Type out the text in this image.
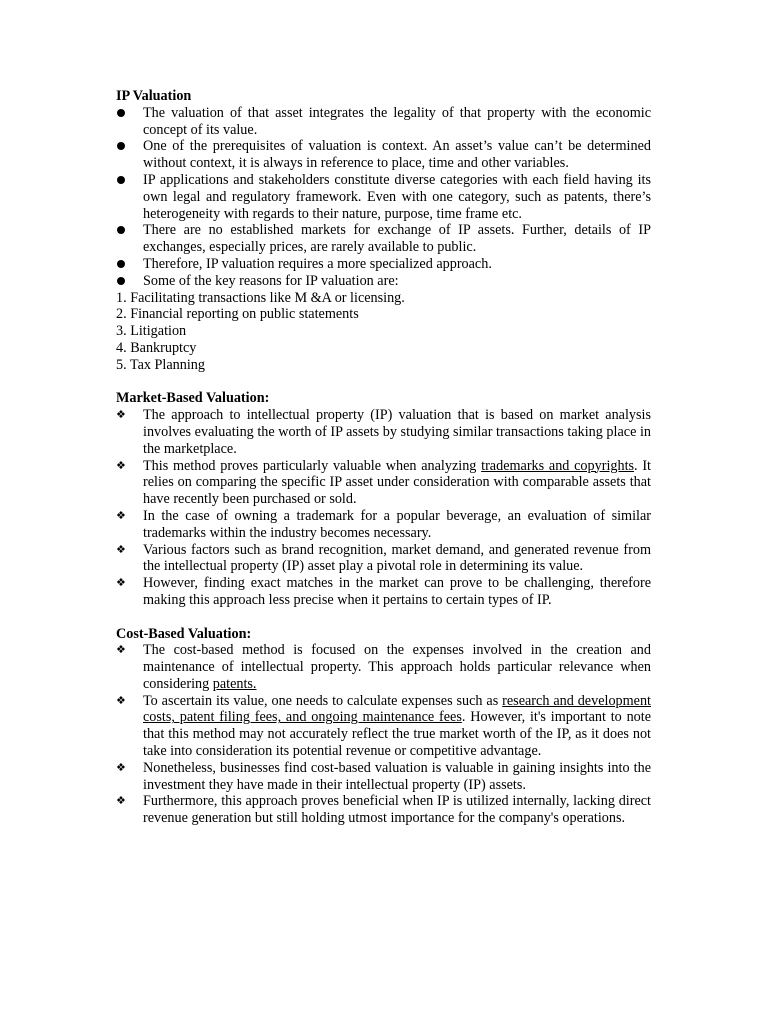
IP Valuation
The valuation of that asset integrates the legality of that property with the economic concept of its value.
One of the prerequisites of valuation is context. An asset’s value can’t be determined without context, it is always in reference to place, time and other variables.
IP applications and stakeholders constitute diverse categories with each field having its own legal and regulatory framework. Even with one category, such as patents, there’s heterogeneity with regards to their nature, purpose, time frame etc.
There are no established markets for exchange of IP assets. Further, details of IP exchanges, especially prices, are rarely available to public.
Therefore, IP valuation requires a more specialized approach.
Some of the key reasons for IP valuation are:
1. Facilitating transactions like M &A or licensing.
2. Financial reporting on public statements
3. Litigation
4. Bankruptcy
5. Tax Planning
Market-Based Valuation:
❖ The approach to intellectual property (IP) valuation that is based on market analysis involves evaluating the worth of IP assets by studying similar transactions taking place in the marketplace.
❖ This method proves particularly valuable when analyzing trademarks and copyrights. It relies on comparing the specific IP asset under consideration with comparable assets that have recently been purchased or sold.
❖ In the case of owning a trademark for a popular beverage, an evaluation of similar trademarks within the industry becomes necessary.
❖ Various factors such as brand recognition, market demand, and generated revenue from the intellectual property (IP) asset play a pivotal role in determining its value.
❖ However, finding exact matches in the market can prove to be challenging, therefore making this approach less precise when it pertains to certain types of IP.
Cost-Based Valuation:
❖ The cost-based method is focused on the expenses involved in the creation and maintenance of intellectual property. This approach holds particular relevance when considering patents.
❖ To ascertain its value, one needs to calculate expenses such as research and development costs, patent filing fees, and ongoing maintenance fees. However, it's important to note that this method may not accurately reflect the true market worth of the IP, as it does not take into consideration its potential revenue or competitive advantage.
❖ Nonetheless, businesses find cost-based valuation is valuable in gaining insights into the investment they have made in their intellectual property (IP) assets.
❖ Furthermore, this approach proves beneficial when IP is utilized internally, lacking direct revenue generation but still holding utmost importance for the company's operations.
